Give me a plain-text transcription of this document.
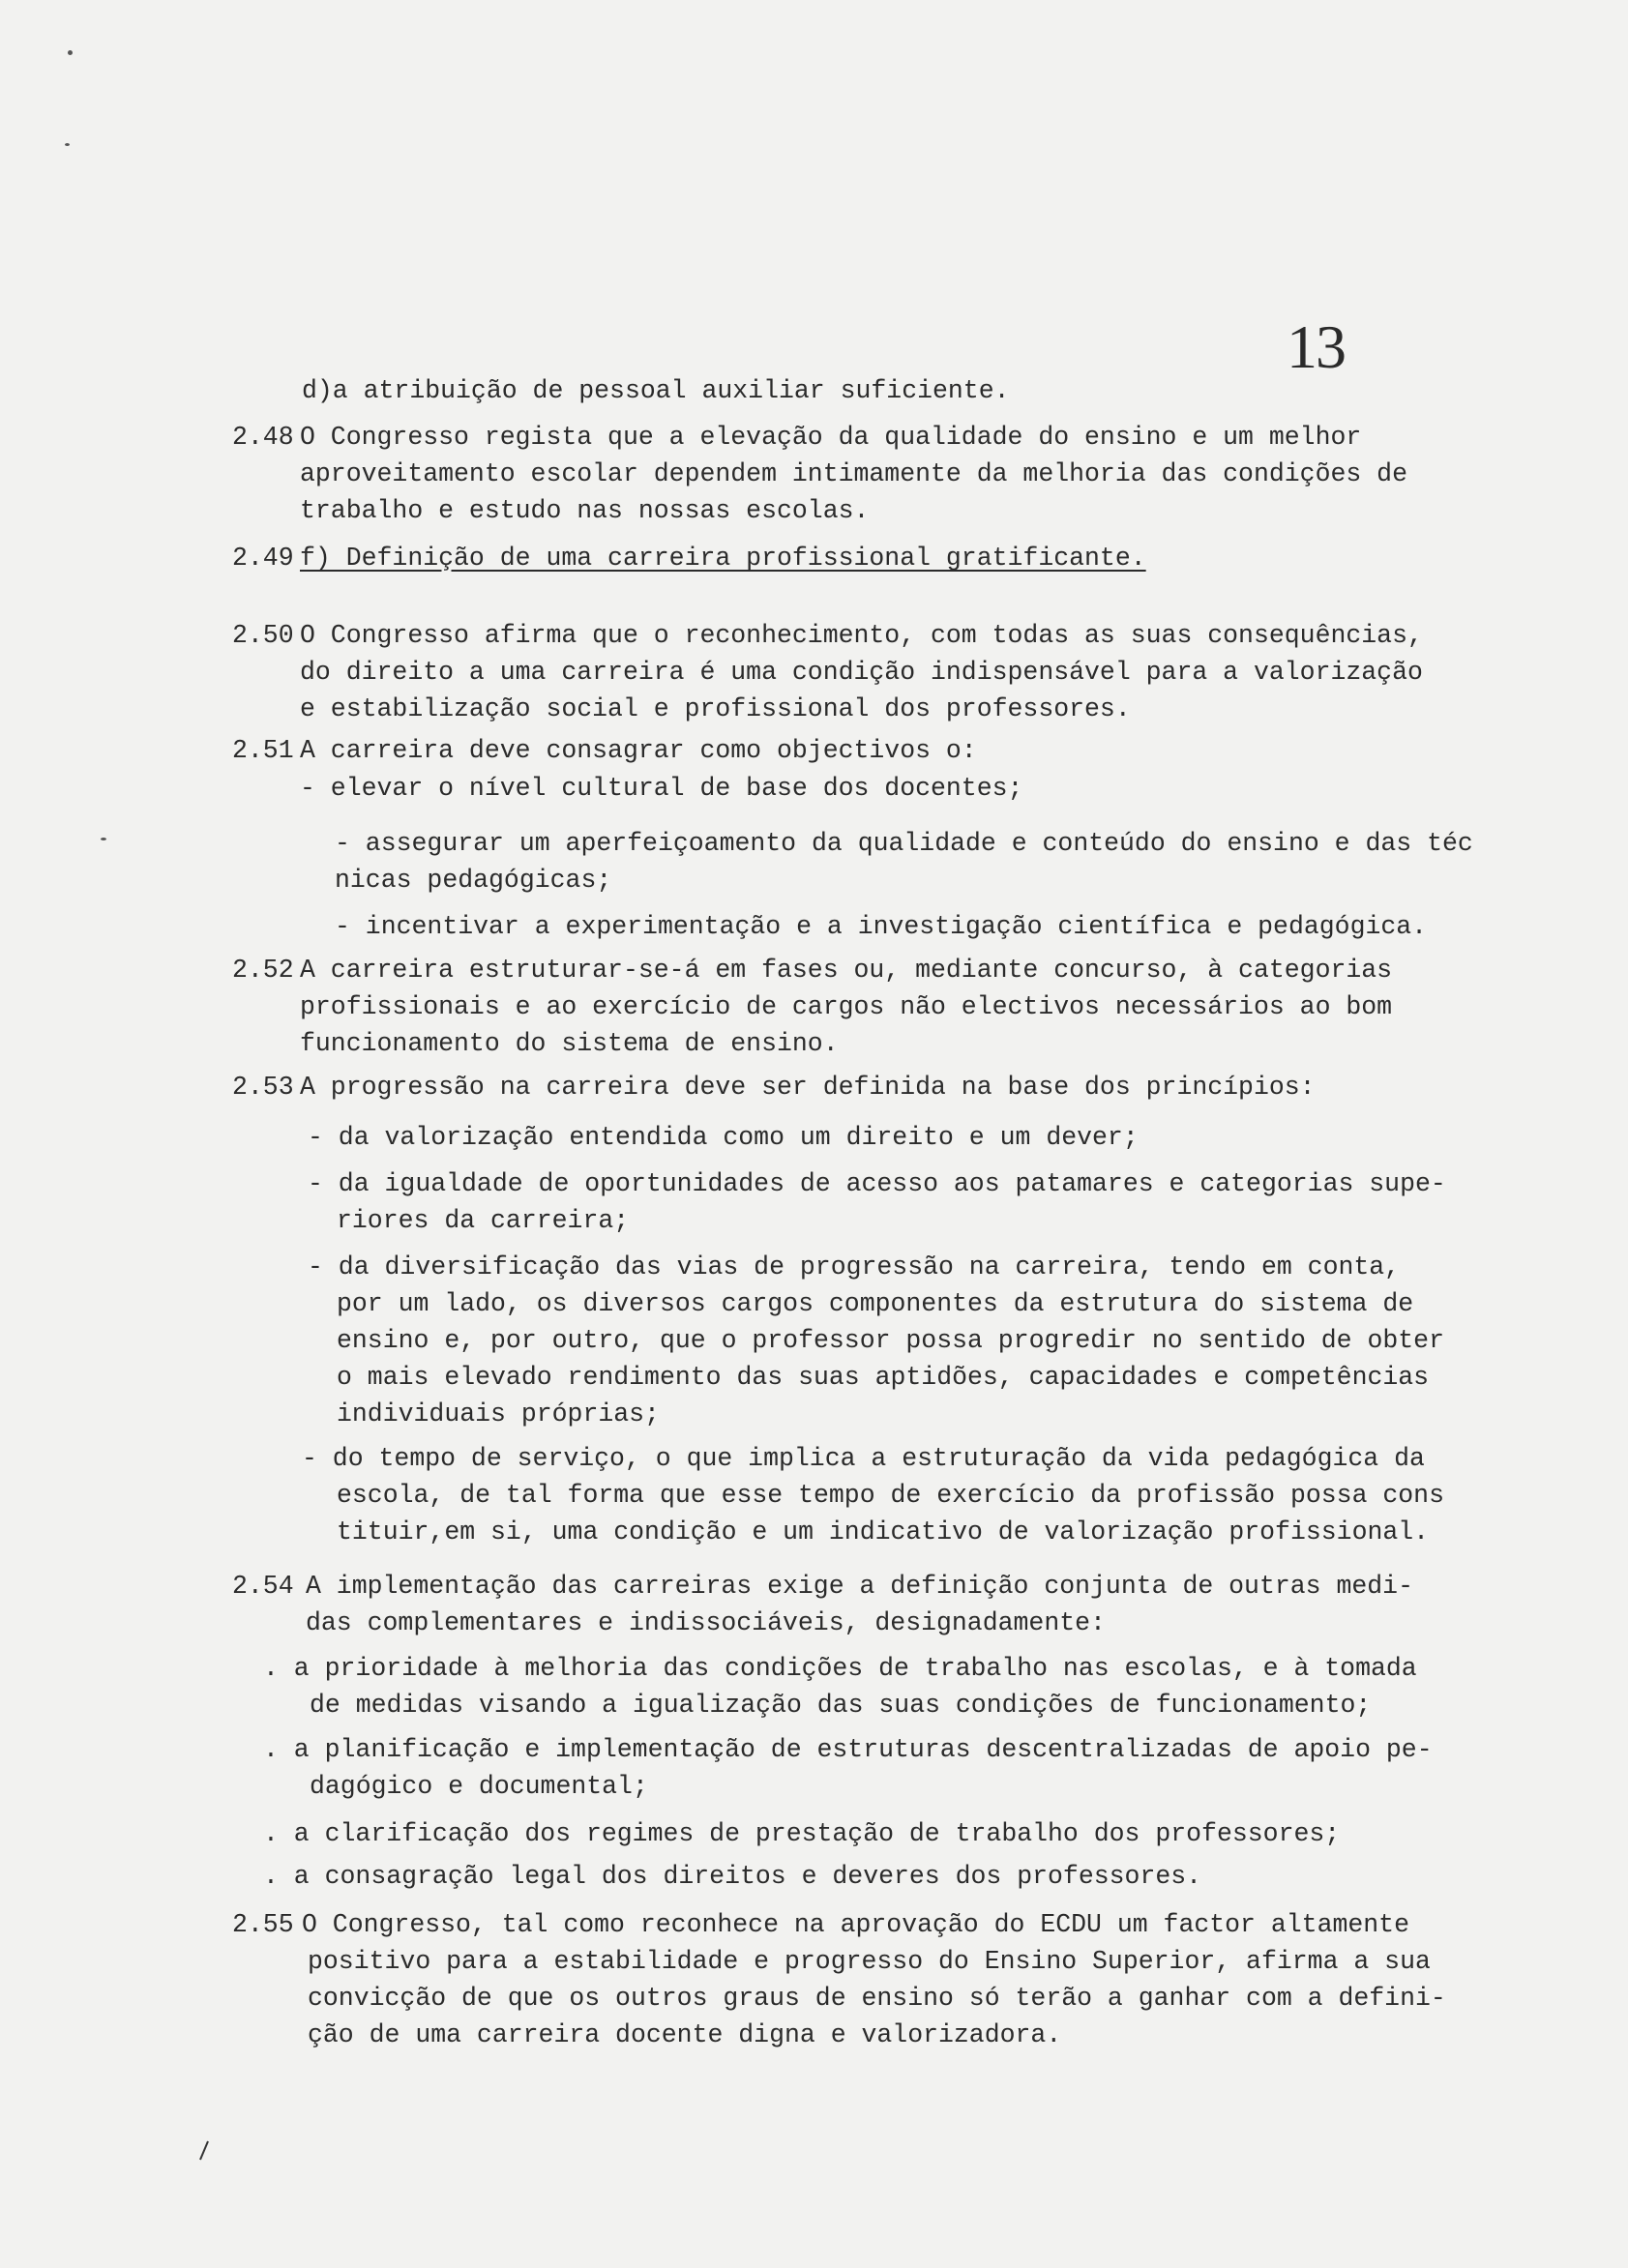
13
d)a atribuição de pessoal auxiliar suficiente.
2.48 O Congresso regista que a elevação da qualidade do ensino e um melhor
aproveitamento escolar dependem intimamente da melhoria das condições de
trabalho e estudo nas nossas escolas.
2.49 f) Definição de uma carreira profissional gratificante.
2.50 O Congresso afirma que o reconhecimento, com todas as suas consequências,
do direito a uma carreira é uma condição indispensável para a valorização
e estabilização social e profissional dos professores.
2.51 A carreira deve consagrar como objectivos o:
- elevar o nível cultural de base dos docentes;
- assegurar um aperfeiçoamento da qualidade e conteúdo do ensino e das téc
nicas pedagógicas;
- incentivar a experimentação e a investigação científica e pedagógica.
2.52 A carreira estruturar-se-á em fases ou, mediante concurso, à categorias
profissionais e ao exercício de cargos não electivos necessários ao bom
funcionamento do sistema de ensino.
2.53 A progressão na carreira deve ser definida na base dos princípios:
- da valorização entendida como um direito e um dever;
- da igualdade de oportunidades de acesso aos patamares e categorias supe-
riores da carreira;
- da diversificação das vias de progressão na carreira, tendo em conta,
por um lado, os diversos cargos componentes da estrutura do sistema de
ensino e, por outro, que o professor possa progredir no sentido de obter
o mais elevado rendimento das suas aptidões, capacidades e competências
individuais próprias;
- do tempo de serviço, o que implica a estruturação da vida pedagógica da
escola, de tal forma que esse tempo de exercício da profissão possa cons
tituir,em si, uma condição e um indicativo de valorização profissional.
2.54 A implementação das carreiras exige a definição conjunta de outras medi-
das complementares e indissociáveis, designadamente:
. a prioridade à melhoria das condições de trabalho nas escolas, e à tomada
de medidas visando a igualização das suas condições de funcionamento;
. a planificação e implementação de estruturas descentralizadas de apoio pe-
dagógico e documental;
. a clarificação dos regimes de prestação de trabalho dos professores;
. a consagração legal dos direitos e deveres dos professores.
2.55 O Congresso, tal como reconhece na aprovação do ECDU um factor altamente
positivo para a estabilidade e progresso do Ensino Superior, afirma a sua
convicção de que os outros graus de ensino só terão a ganhar com a defini-
ção de uma carreira docente digna e valorizadora.
